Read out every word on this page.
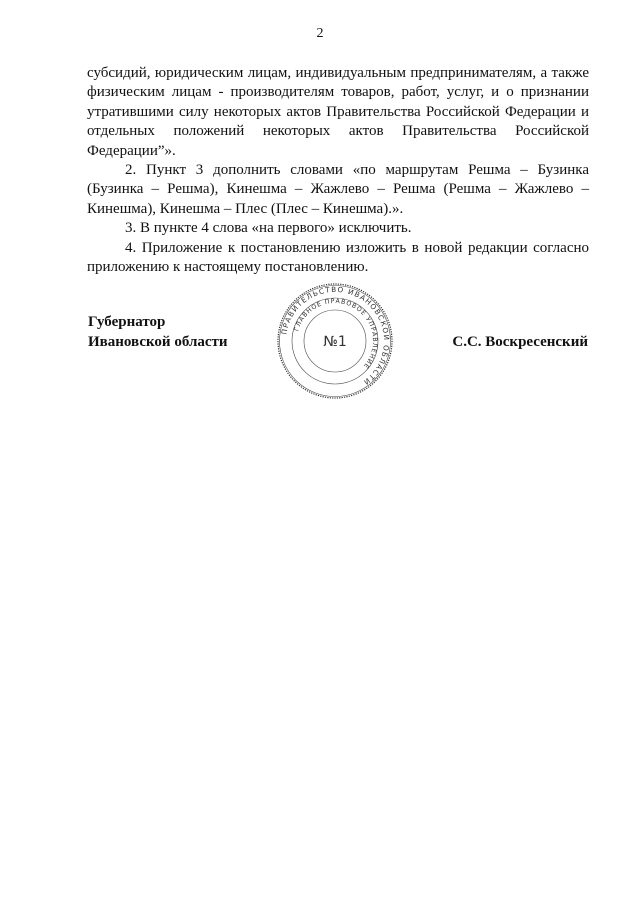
2

субсидий, юридическим лицам, индивидуальным предпринимателям, а также физическим лицам - производителям товаров, работ, услуг, и о признании утратившими силу некоторых актов Правительства Российской Федерации и отдельных положений некоторых актов Правительства Российской Федерации”».

2. Пункт 3 дополнить словами «по маршрутам Решма – Бузинка (Бузинка – Решма), Кинешма – Жажлево – Решма (Решма – Жажлево – Кинешма), Кинешма – Плес (Плес – Кинешма).».

3. В пункте 4 слова «на первого» исключить.

4. Приложение к постановлению изложить в новой редакции согласно приложению к настоящему постановлению.

Губернатор
Ивановской области
ПРАВИТЕЛЬСТВО ИВАНОВСКОЙ ОБЛАСТИ
ГЛАВНОЕ ПРАВОВОЕ УПРАВЛЕНИЕ
№1	С.С. Воскресенский
